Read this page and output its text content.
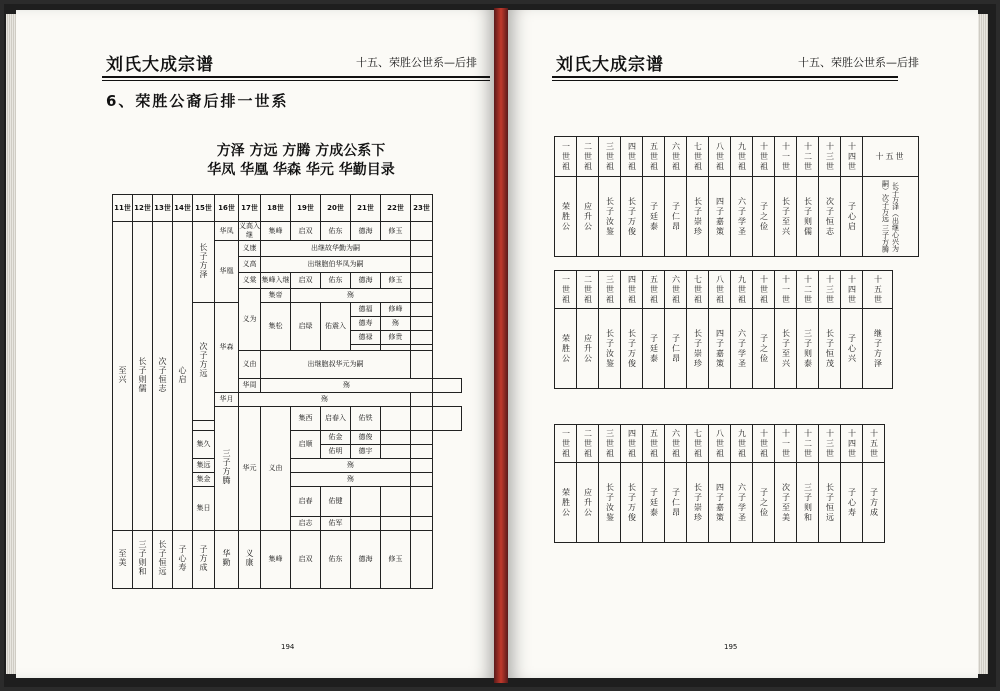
刘氏大成宗谱	十五、荣胜公世系—后排
6、荣胜公裔后排一世系
方泽 方远 方腾 方成公系下
华凤 华凰 华森 华元 华勤目录
11世	12世	13世	14世	15世	16世	17世	18世	19世	20世	21世	22世	23世	
至兴	长子则儒	次子恒志	心启	长子方泽	华凤	义高入继	集峰	启双	佑东	德海	修玉		
					华凰	义康	出继故华勤为嗣						
						义高	出继胞伯华凤为嗣						
						义棠	集峰入继	启双	佑东	德海	修玉		
						义为	集帝	殇					
				次子方远	华森		集松	启绿	佑震入	德福	修峰		
										德寿	殇		
										德禄	修贵		

						义由	出继胞叔华元为嗣						
						华周	殇						
					华月	殇							
					三子方腾	华元	义由	集西	启春入	佑铁			

				集久				启顺	佑金	德俊			
									佑明	德宇			
				集远				殇					
				集金				殇					
				集日				启春	佑键				

								启志	佑军				
至美	三子则和	长子恒远	子心寿	子方成	华勤	义康	集峰	启双	佑东	德海	修玉		
194
刘氏大成宗谱	十五、荣胜公世系—后排
一世祖	二世祖	三世祖	四世祖	五世祖	六世祖	七世祖	八世祖	九世祖	十世祖	十一世	十二世	十三世	十四世	十五世

荣胜公	应升公	长子汝鉴	长子万俊	子廷泰	子仁昂	长子崇珍	四子嘉策	六子学圣	子之俭	长子至兴	长子则儒	次子恒志	子心启	长子方泽（出继心兴为嗣）次子方远 三子方腾
一世祖	二世祖	三世祖	四世祖	五世祖	六世祖	七世祖	八世祖	九世祖	十世祖	十一世	十二世	十三世	十四世	十五世

荣胜公	应升公	长子汝鉴	长子万俊	子廷泰	子仁昂	长子崇珍	四子嘉策	六子学圣	子之俭	长子至兴	三子则泰	长子恒茂	子心兴	继子方泽
一世祖	二世祖	三世祖	四世祖	五世祖	六世祖	七世祖	八世祖	九世祖	十世祖	十一世	十二世	十三世	十四世	十五世

荣胜公	应升公	长子汝鉴	长子万俊	子廷泰	子仁昂	长子崇珍	四子嘉策	六子学圣	子之俭	次子至美	三子则和	长子恒远	子心寿	子方成
195
